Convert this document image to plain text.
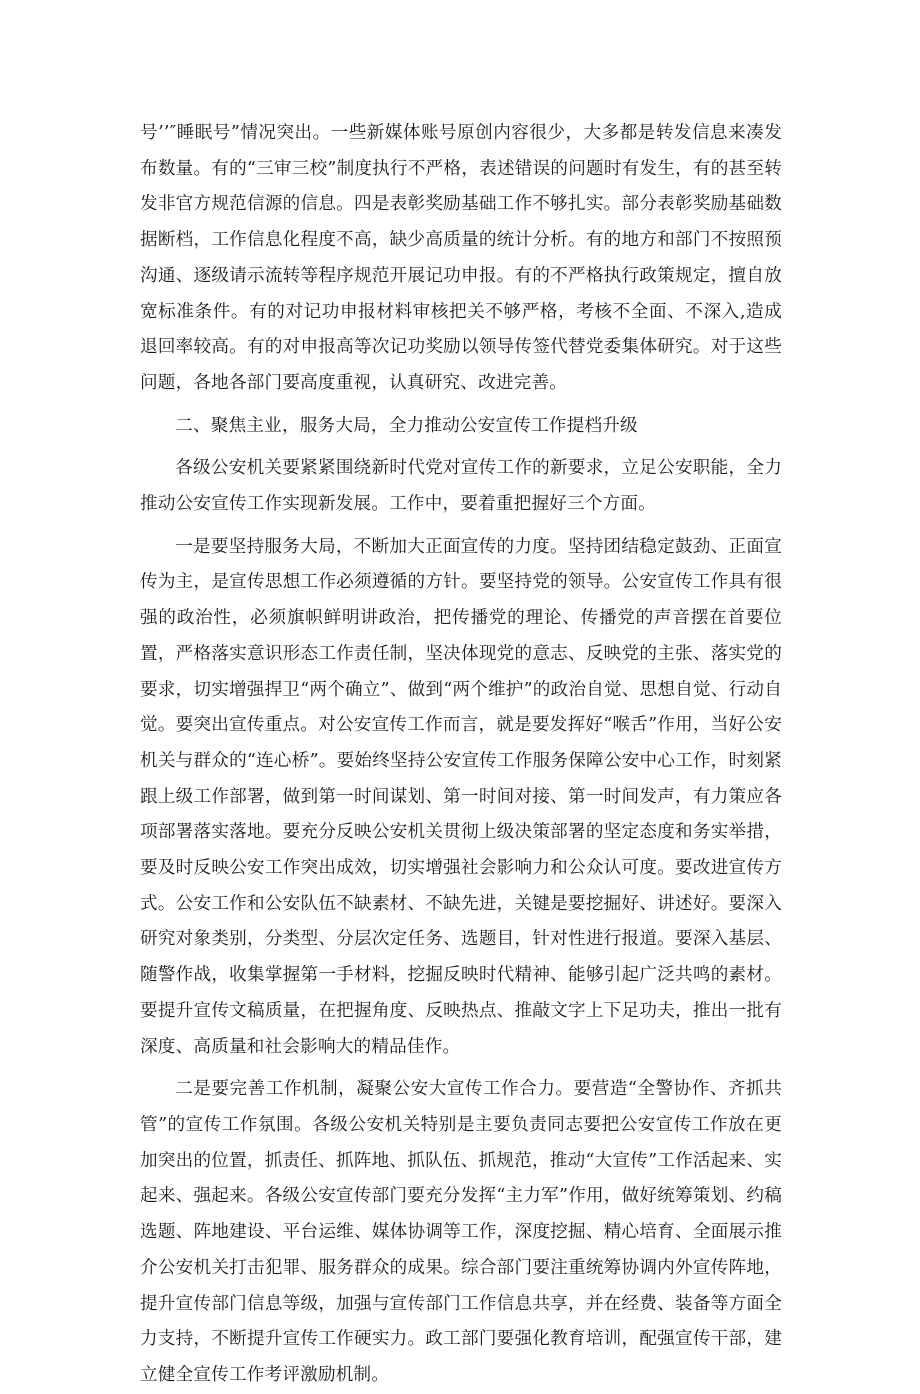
号’’″睡眠号”情况突出。一些新媒体账号原创内容很少，大多都是转发信息来凑发布数量。有的“三审三校”制度执行不严格，表述错误的问题时有发生，有的甚至转发非官方规范信源的信息。四是表彰奖励基础工作不够扎实。部分表彰奖励基础数据断档，工作信息化程度不高，缺少高质量的统计分析。有的地方和部门不按照预沟通、逐级请示流转等程序规范开展记功申报。有的不严格执行政策规定，擅自放宽标准条件。有的对记功申报材料审核把关不够严格，考核不全面、不深入,造成退回率较高。有的对申报高等次记功奖励以领导传签代替党委集体研究。对于这些问题，各地各部门要高度重视，认真研究、改进完善。

二、聚焦主业，服务大局，全力推动公安宣传工作提档升级

各级公安机关要紧紧围绕新时代党对宣传工作的新要求，立足公安职能，全力推动公安宣传工作实现新发展。工作中，要着重把握好三个方面。

一是要坚持服务大局，不断加大正面宣传的力度。坚持团结稳定鼓劲、正面宣传为主，是宣传思想工作必须遵循的方针。要坚持党的领导。公安宣传工作具有很强的政治性，必须旗帜鲜明讲政治，把传播党的理论、传播党的声音摆在首要位置，严格落实意识形态工作责任制，坚决体现党的意志、反映党的主张、落实党的要求，切实增强捍卫“两个确立”、做到“两个维护”的政治自觉、思想自觉、行动自觉。要突出宣传重点。对公安宣传工作而言，就是要发挥好“喉舌”作用，当好公安机关与群众的“连心桥”。要始终坚持公安宣传工作服务保障公安中心工作，时刻紧跟上级工作部署，做到第一时间谋划、第一时间对接、第一时间发声，有力策应各项部署落实落地。要充分反映公安机关贯彻上级决策部署的坚定态度和务实举措，要及时反映公安工作突出成效，切实增强社会影响力和公众认可度。要改进宣传方式。公安工作和公安队伍不缺素材、不缺先进，关键是要挖掘好、讲述好。要深入研究对象类别，分类型、分层次定任务、选题目，针对性进行报道。要深入基层、随警作战，收集掌握第一手材料，挖掘反映时代精神、能够引起广泛共鸣的素材。要提升宣传文稿质量，在把握角度、反映热点、推敲文字上下足功夫，推出一批有深度、高质量和社会影响大的精品佳作。

二是要完善工作机制，凝聚公安大宣传工作合力。要营造“全警协作、齐抓共管”的宣传工作氛围。各级公安机关特别是主要负责同志要把公安宣传工作放在更加突出的位置，抓责任、抓阵地、抓队伍、抓规范，推动“大宣传”工作活起来、实起来、强起来。各级公安宣传部门要充分发挥“主力军”作用，做好统筹策划、约稿选题、阵地建设、平台运维、媒体协调等工作，深度挖掘、精心培育、全面展示推介公安机关打击犯罪、服务群众的成果。综合部门要注重统筹协调内外宣传阵地，提升宣传部门信息等级，加强与宣传部门工作信息共享，并在经费、装备等方面全力支持，不断提升宣传工作硬实力。政工部门要强化教育培训，配强宣传干部，建立健全宣传工作考评激励机制。
